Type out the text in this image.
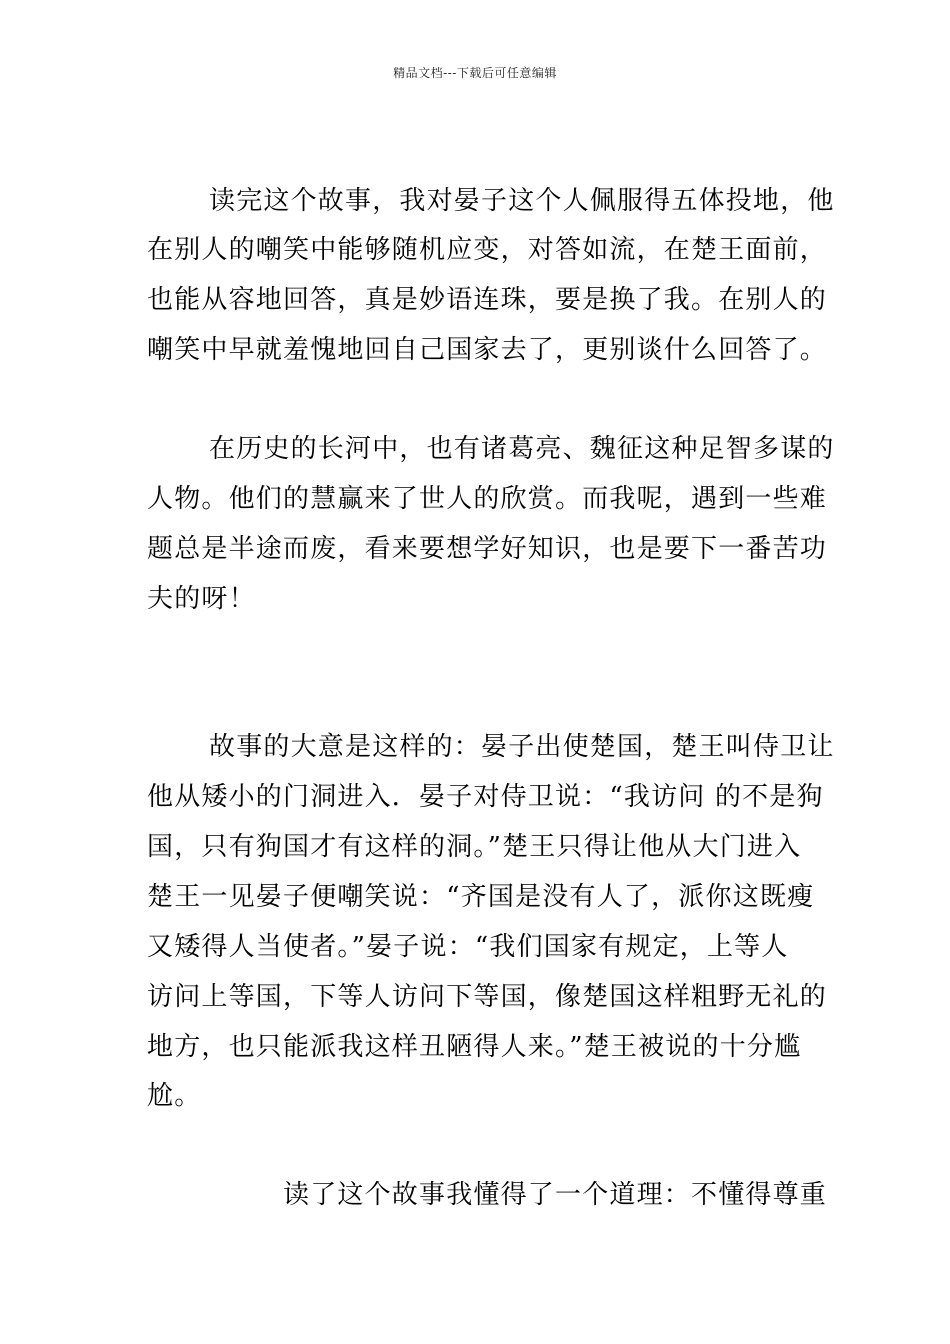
精品文档---下载后可任意编辑
读完这个故事，我对晏子这个人佩服得五体投地，他
在别人的嘲笑中能够随机应变，对答如流，在楚王面前，
也能从容地回答，真是妙语连珠，要是换了我。在别人的
嘲笑中早就羞愧地回自己国家去了，更别谈什么回答了。
在历史的长河中，也有诸葛亮、魏征这种足智多谋的
人物。他们的慧赢来了世人的欣赏。而我呢，遇到一些难
题总是半途而废，看来要想学好知识，也是要下一番苦功
夫的呀！
故事的大意是这样的：晏子出使楚国，楚王叫侍卫让
他从矮小的门洞进入．晏子对侍卫说：“我访问 的不是狗
国，只有狗国才有这样的洞。”楚王只得让他从大门进入
楚王一见晏子便嘲笑说：“齐国是没有人了，派你这既瘦
又矮得人当使者。”晏子说：“我们国家有规定，上等人
访问上等国，下等人访问下等国，像楚国这样粗野无礼的
地方，也只能派我这样丑陋得人来。”楚王被说的十分尴
尬。
读了这个故事我懂得了一个道理：不懂得尊重
